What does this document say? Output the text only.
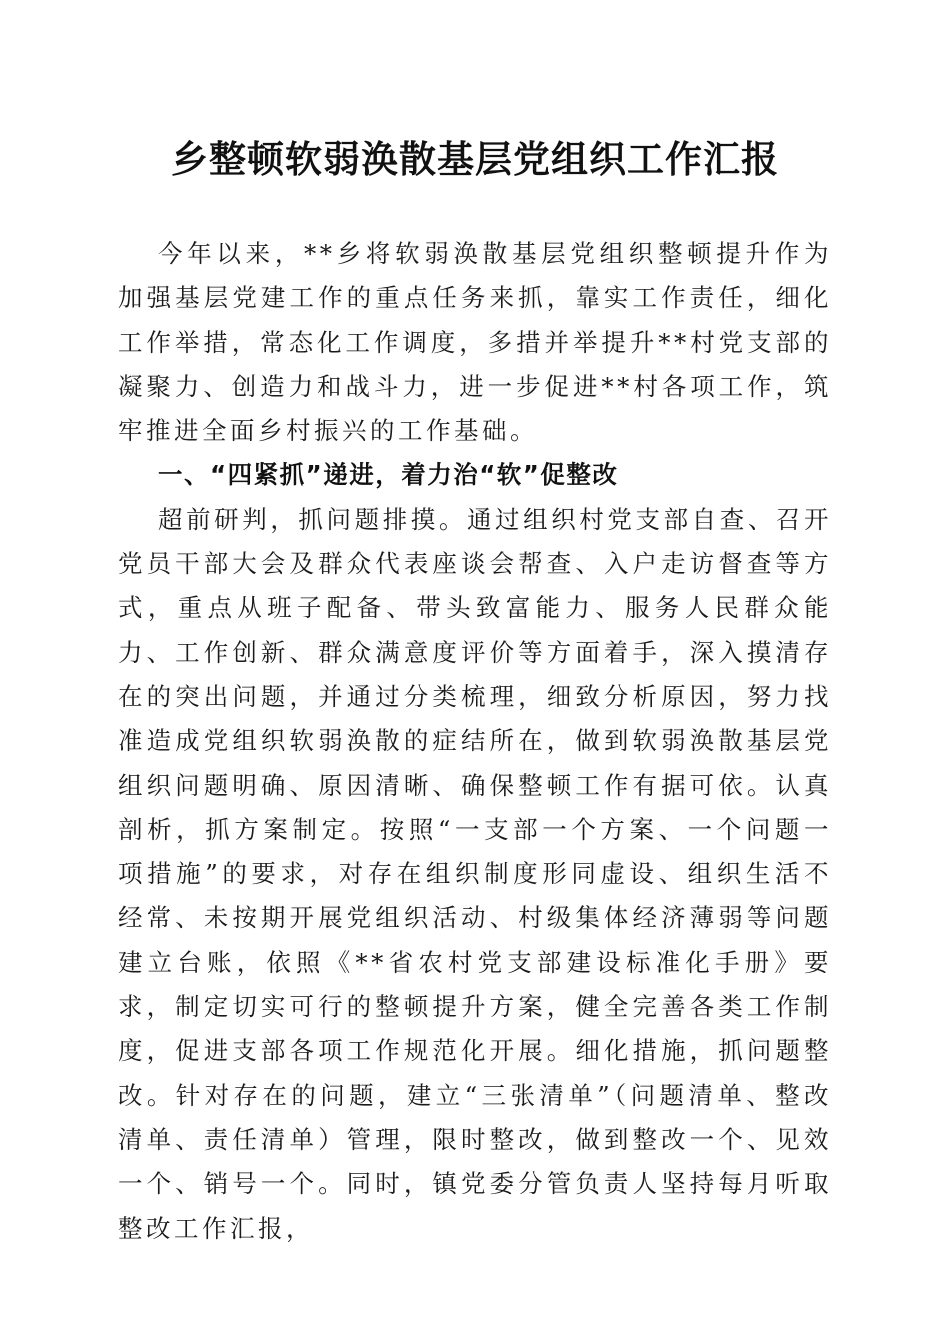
乡整顿软弱涣散基层党组织工作汇报

今年以来，**乡将软弱涣散基层党组织整顿提升作为加强基层党建工作的重点任务来抓，靠实工作责任，细化工作举措，常态化工作调度，多措并举提升**村党支部的凝聚力、创造力和战斗力，进一步促进**村各项工作，筑牢推进全面乡村振兴的工作基础。

一、“四紧抓”递进，着力治“软”促整改

超前研判，抓问题排摸。通过组织村党支部自查、召开党员干部大会及群众代表座谈会帮查、入户走访督查等方式，重点从班子配备、带头致富能力、服务人民群众能力、工作创新、群众满意度评价等方面着手，深入摸清存在的突出问题，并通过分类梳理，细致分析原因，努力找准造成党组织软弱涣散的症结所在，做到软弱涣散基层党组织问题明确、原因清晰、确保整顿工作有据可依。认真剖析，抓方案制定。按照“一支部一个方案、一个问题一项措施”的要求，对存在组织制度形同虚设、组织生活不经常、未按期开展党组织活动、村级集体经济薄弱等问题建立台账，依照《**省农村党支部建设标准化手册》要求，制定切实可行的整顿提升方案，健全完善各类工作制度，促进支部各项工作规范化开展。细化措施，抓问题整改。针对存在的问题，建立“三张清单”（问题清单、整改清单、责任清单）管理，限时整改，做到整改一个、见效一个、销号一个。同时，镇党委分管负责人坚持每月听取整改工作汇报，
